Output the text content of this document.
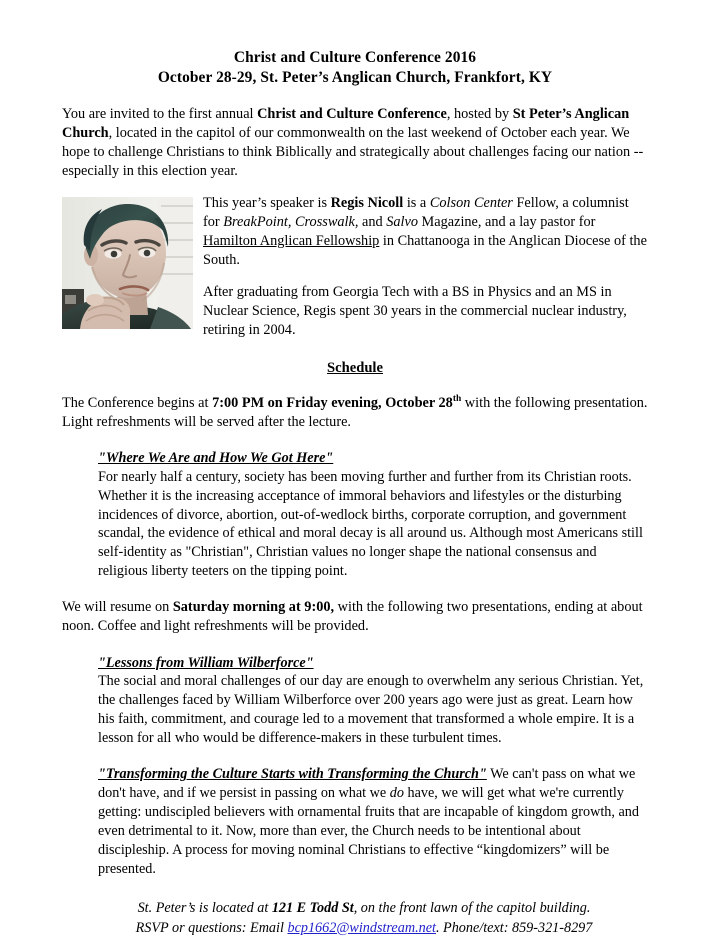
Christ and Culture Conference 2016
October 28-29, St. Peter’s Anglican Church, Frankfort, KY

You are invited to the first annual Christ and Culture Conference, hosted by St Peter’s Anglican Church, located in the capitol of our commonwealth on the last weekend of October each year. We hope to challenge Christians to think Biblically and strategically about challenges facing our nation -- especially in this election year.

This year’s speaker is Regis Nicoll is a Colson Center Fellow, a columnist for BreakPoint, Crosswalk, and Salvo Magazine, and a lay pastor for Hamilton Anglican Fellowship in Chattanooga in the Anglican Diocese of the South.

After graduating from Georgia Tech with a BS in Physics and an MS in Nuclear Science, Regis spent 30 years in the commercial nuclear industry, retiring in 2004.

Schedule

The Conference begins at 7:00 PM on Friday evening, October 28th with the following presentation. Light refreshments will be served after the lecture.

"Where We Are and How We Got Here"
For nearly half a century, society has been moving further and further from its Christian roots. Whether it is the increasing acceptance of immoral behaviors and lifestyles or the disturbing incidences of divorce, abortion, out-of-wedlock births, corporate corruption, and government scandal, the evidence of ethical and moral decay is all around us. Although most Americans still self-identity as "Christian", Christian values no longer shape the national consensus and religious liberty teeters on the tipping point.

We will resume on Saturday morning at 9:00, with the following two presentations, ending at about noon. Coffee and light refreshments will be provided.

"Lessons from William Wilberforce"
The social and moral challenges of our day are enough to overwhelm any serious Christian. Yet, the challenges faced by William Wilberforce over 200 years ago were just as great. Learn how his faith, commitment, and courage led to a movement that transformed a whole empire. It is a lesson for all who would be difference-makers in these turbulent times.

"Transforming the Culture Starts with Transforming the Church" We can't pass on what we don't have, and if we persist in passing on what we do have, we will get what we're currently getting: undiscipled believers with ornamental fruits that are incapable of kingdom growth, and even detrimental to it. Now, more than ever, the Church needs to be intentional about discipleship. A process for moving nominal Christians to effective “kingdomizers” will be presented.

St. Peter’s is located at 121 E Todd St, on the front lawn of the capitol building.
RSVP or questions: Email bcp1662@windstream.net. Phone/text: 859-321-8297
